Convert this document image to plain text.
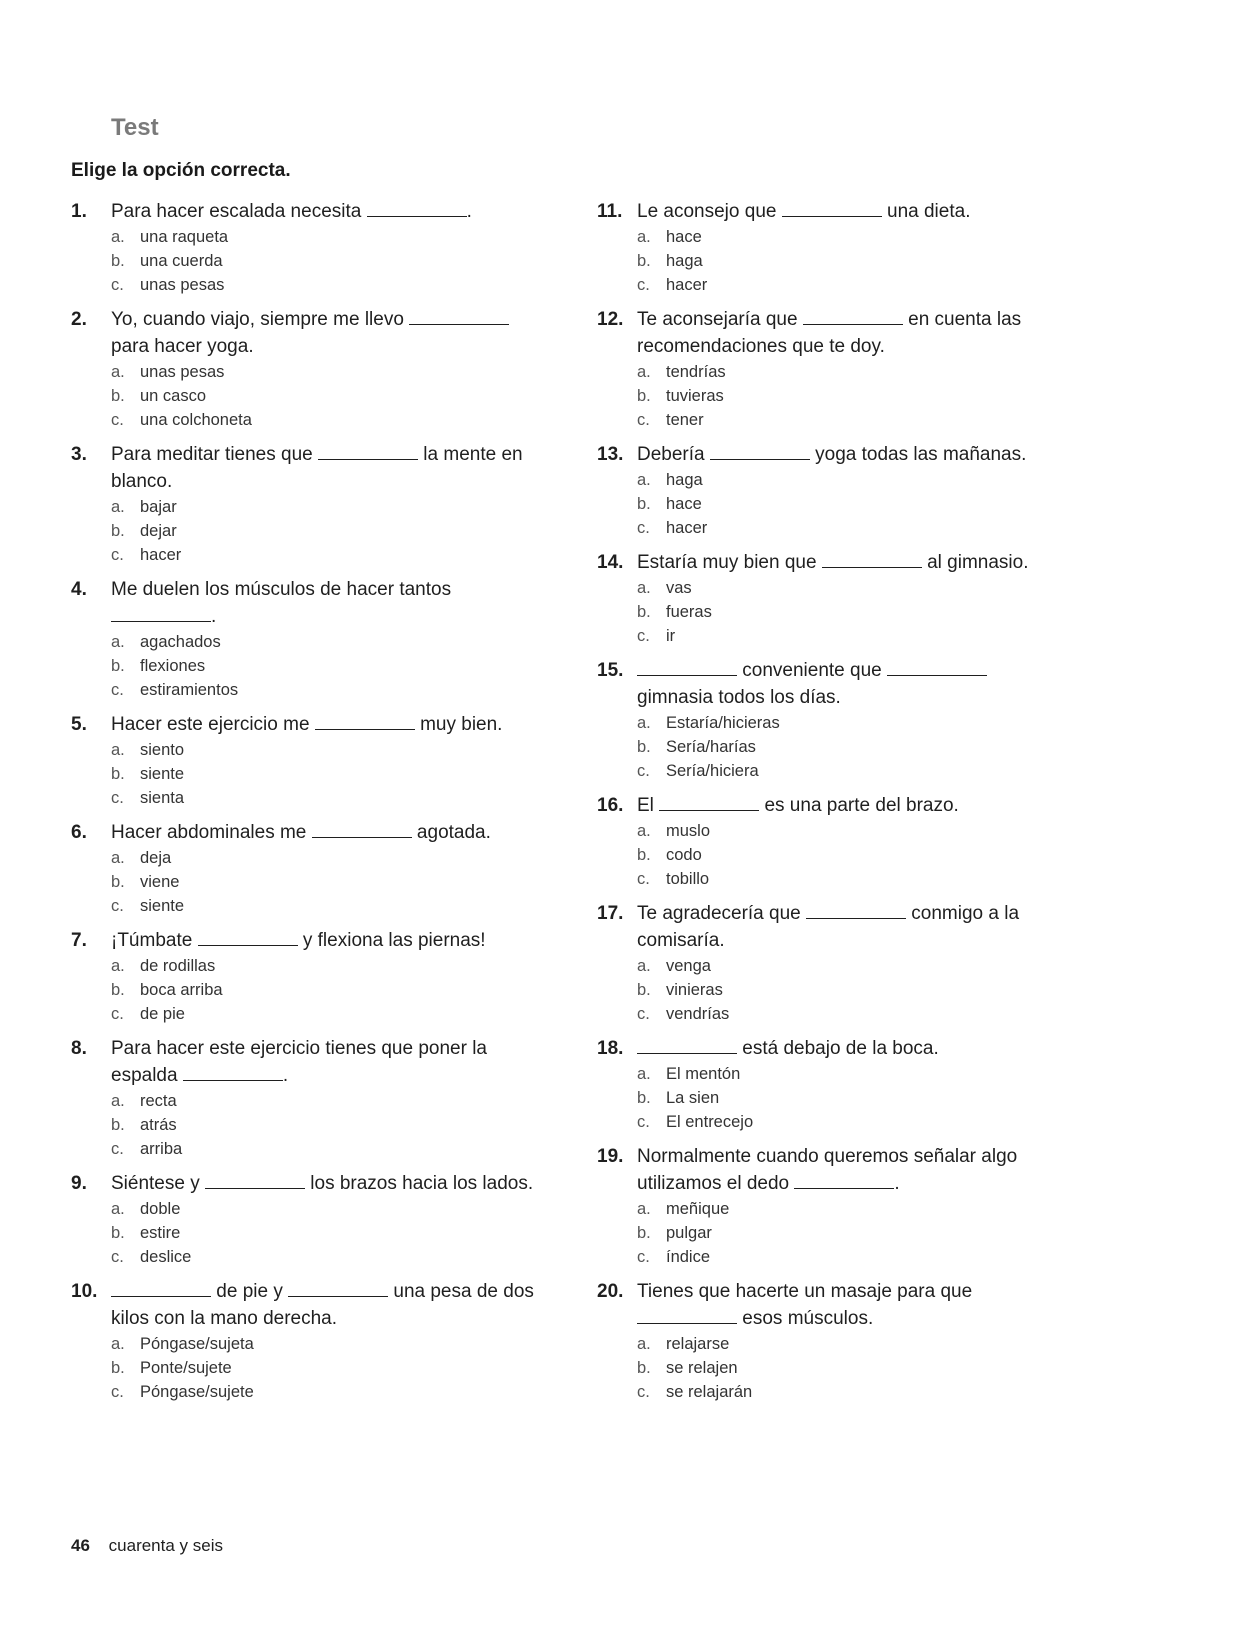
Test
Elige la opción correcta.
1. Para hacer escalada necesita	.
a. una raqueta
b. una cuerda
c. unas pesas
2. Yo, cuando viajo, siempre me llevo  para hacer yoga.
a. unas pesas
b. un casco
c. una colchoneta
3. Para meditar tienes que	la mente en blanco.
a. bajar
b. dejar
c. hacer
4. Me duelen los músculos de hacer tantos .
a. agachados
b. flexiones
c. estiramientos
5. Hacer este ejercicio me	muy bien.
a. siento
b. siente
c. sienta
6. Hacer abdominales me	agotada.
a. deja
b. viene
c. siente
7. ¡Túmbate	y flexiona las piernas!
a. de rodillas
b. boca arriba
c. de pie
8. Para hacer este ejercicio tienes que poner la espalda	.
a. recta
b. atrás
c. arriba
9. Siéntese y	los brazos hacia los lados.
a. doble
b. estire
c. deslice
10.	de pie y	una pesa de dos kilos con la mano derecha.
a. Póngase/sujeta
b. Ponte/sujete
c. Póngase/sujete
11. Le aconsejo que	una dieta.
a. hace
b. haga
c. hacer
12. Te aconsejaría que	en cuenta las recomendaciones que te doy.
a. tendrías
b. tuvieras
c. tener
13. Debería	yoga todas las mañanas.
a. haga
b. hace
c. hacer
14. Estaría muy bien que	al gimnasio.
a. vas
b. fueras
c. ir
15.	conveniente que  gimnasia todos los días.
a. Estaría/hicieras
b. Sería/harías
c. Sería/hiciera
16. El	es una parte del brazo.
a. muslo
b. codo
c. tobillo
17. Te agradecería que	conmigo a la comisaría.
a. venga
b. vinieras
c. vendrías
18.	está debajo de la boca.
a. El mentón
b. La sien
c. El entrecejo
19. Normalmente cuando queremos señalar algo utilizamos el dedo	.
a. meñique
b. pulgar
c. índice
20. Tienes que hacerte un masaje para que  esos músculos.
a. relajarse
b. se relajen
c. se relajarán
46 cuarenta y seis
